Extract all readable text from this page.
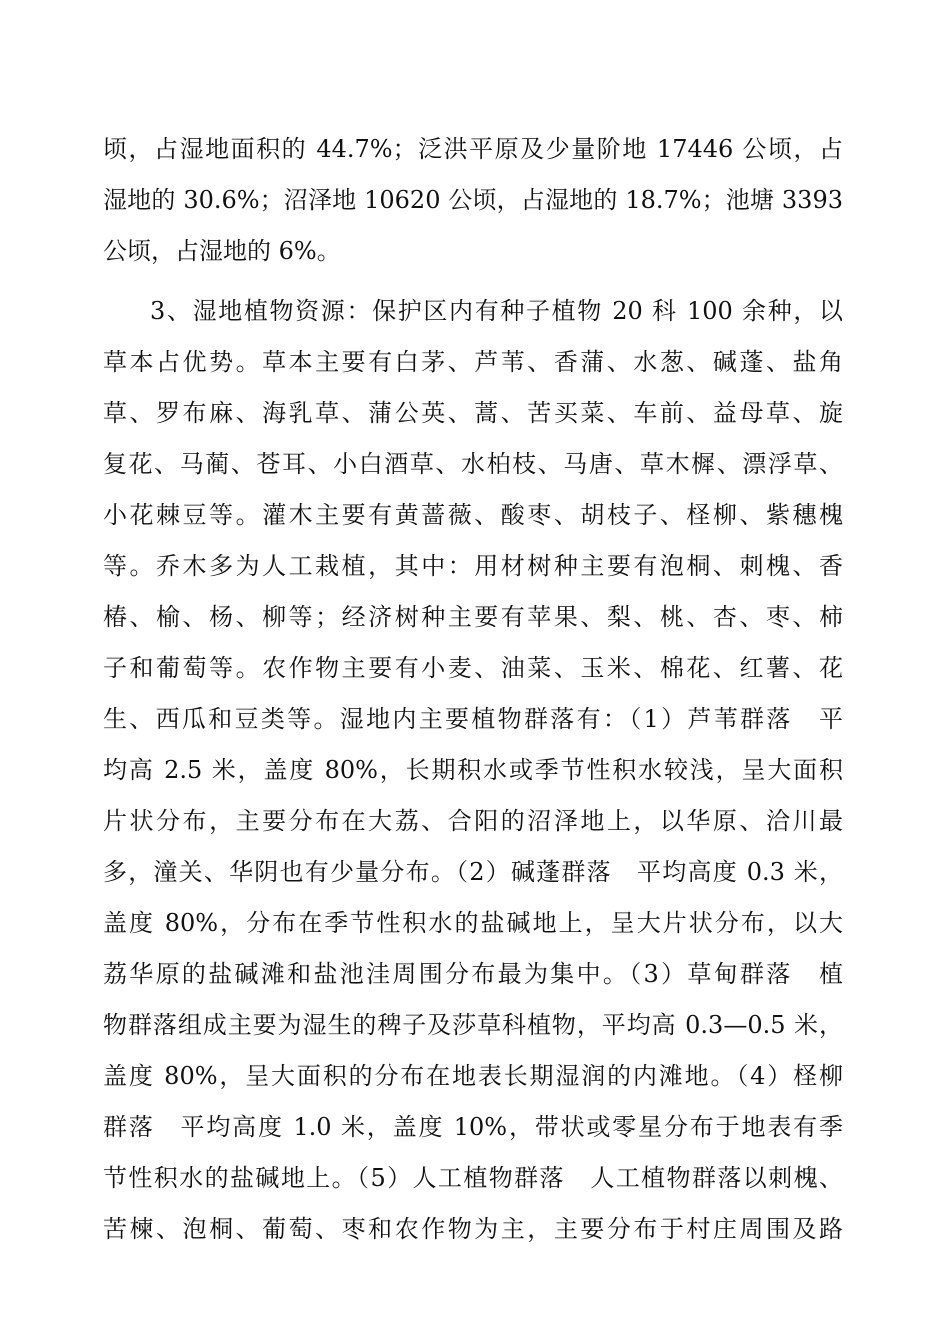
顷，占湿地面积的 44.7%；泛洪平原及少量阶地 17446 公顷，占
湿地的 30.6%；沼泽地 10620 公顷，占湿地的 18.7%；池塘 3393
公顷，占湿地的 6%。
3、湿地植物资源：保护区内有种子植物 20 科 100 余种，以
草本占优势。草本主要有白茅、芦苇、香蒲、水葱、碱蓬、盐角
草、罗布麻、海乳草、蒲公英、蒿、苦买菜、车前、益母草、旋
复花、马蔺、苍耳、小白酒草、水柏枝、马唐、草木樨、漂浮草、
小花棘豆等。灌木主要有黄蔷薇、酸枣、胡枝子、柽柳、紫穗槐
等。乔木多为人工栽植，其中：用材树种主要有泡桐、刺槐、香
椿、榆、杨、柳等；经济树种主要有苹果、梨、桃、杏、枣、柿
子和葡萄等。农作物主要有小麦、油菜、玉米、棉花、红薯、花
生、西瓜和豆类等。湿地内主要植物群落有：（1）芦苇群落　平
均高 2.5 米，盖度 80%，长期积水或季节性积水较浅，呈大面积
片状分布，主要分布在大荔、合阳的沼泽地上，以华原、洽川最
多，潼关、华阴也有少量分布。（2）碱蓬群落　平均高度 0.3 米，
盖度 80%，分布在季节性积水的盐碱地上，呈大片状分布，以大
荔华原的盐碱滩和盐池洼周围分布最为集中。（3）草甸群落　植
物群落组成主要为湿生的稗子及莎草科植物，平均高 0.3—0.5 米，
盖度 80%，呈大面积的分布在地表长期湿润的内滩地。（4）柽柳
群落　平均高度 1.0 米，盖度 10%，带状或零星分布于地表有季
节性积水的盐碱地上。（5）人工植物群落　人工植物群落以刺槐、
苦楝、泡桐、葡萄、枣和农作物为主，主要分布于村庄周围及路
